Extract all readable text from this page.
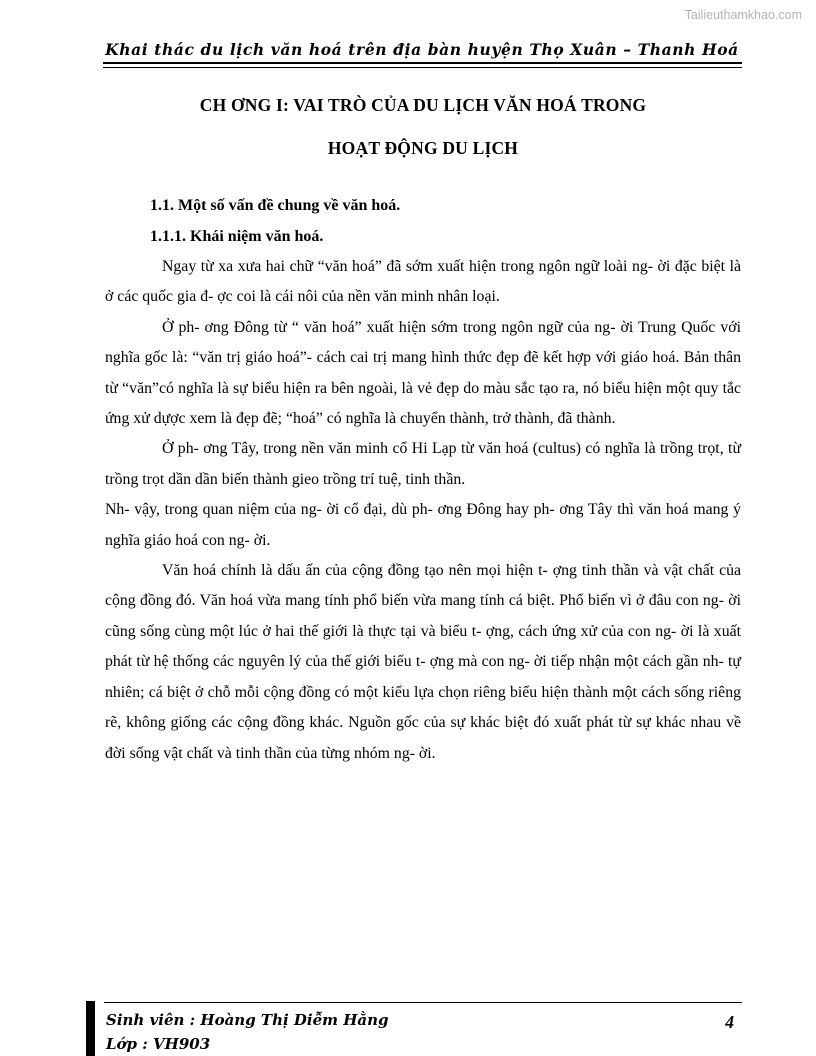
Tailieuthamkhao.com
Khai thác du lịch văn hoá trên địa bàn huyện Thọ Xuân – Thanh Hoá
CH ƠNG I: VAI TRÒ CỦA DU LỊCH VĂN HOÁ TRONG
HOẠT ĐỘNG DU LỊCH
1.1. Một số vấn đề chung về văn hoá.
1.1.1. Khái niệm văn hoá.

Ngay từ xa xưa hai chữ “văn hoá” đã sớm xuất hiện trong ngôn ngữ loài ng- ời đặc biệt là ở các quốc gia đ- ợc coi là cái nôi của nền văn minh nhân loại.

Ở ph- ơng Đông từ “ văn hoá” xuất hiện sớm trong ngôn ngữ của ng- ời Trung Quốc với nghĩa gốc là: “văn trị giáo hoá”- cách cai trị mang hình thức đẹp đẽ kết hợp với giáo hoá. Bản thân từ “văn”có nghĩa là sự biểu hiện ra bên ngoài, là vẻ đẹp do màu sắc tạo ra, nó biểu hiện một quy tắc ứng xử dựợc xem là đẹp đẽ; “hoá” có nghĩa là chuyển thành, trở thành, đã thành.

Ở ph- ơng Tây, trong nền văn minh cổ Hi Lạp từ văn hoá (cultus) có nghĩa là trồng trọt, từ trồng trọt dần dần biến thành gieo trồng trí tuệ, tinh thần.

Nh- vậy, trong quan niệm của ng- ời cổ đại, dù ph- ơng Đông hay ph- ơng Tây thì văn hoá mang ý nghĩa giáo hoá con ng- ời.

Văn hoá chính là dấu ấn của cộng đồng tạo nên mọi hiện t- ợng tinh thần và vật chất của cộng đồng đó. Văn hoá vừa mang tính phổ biến vừa mang tính cá biệt. Phổ biến vì ở đâu con ng- ời cũng sống cùng một lúc ở hai thế giới là thực tại và biểu t- ợng, cách ứng xử của con ng- ời là xuất phát từ hệ thống các nguyên lý của thế giới biểu t- ợng mà con ng- ời tiếp nhận một cách gần nh- tự nhiên; cá biệt ở chỗ mỗi cộng đồng có một kiểu lựa chọn riêng biểu hiện thành một cách sống riêng rẽ, không giống các cộng đồng khác. Nguồn gốc của sự khác biệt đó xuất phát từ sự khác nhau về đời sống vật chất và tinh thần của từng nhóm ng- ời.

Sinh viên : Hoàng Thị Diễm Hằng
Lớp : VH903
4
